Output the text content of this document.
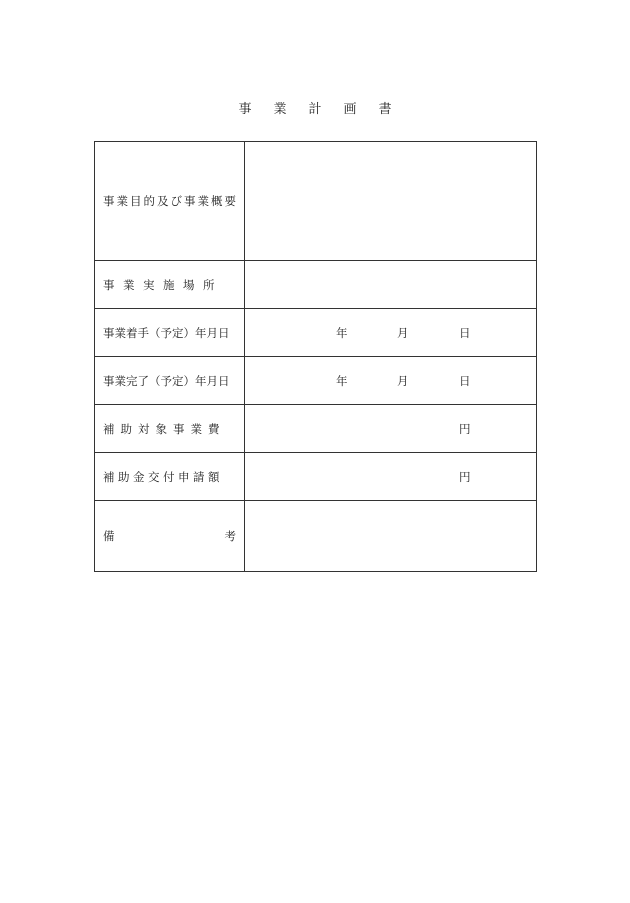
事業計画書
事業目的及び事業概要	
事業実施場所	
事業着手（予定）年月日	年 月 日

事業完了（予定）年月日	年 月 日

補助対象事業費	円

補助金交付申請額	円

備 考	
